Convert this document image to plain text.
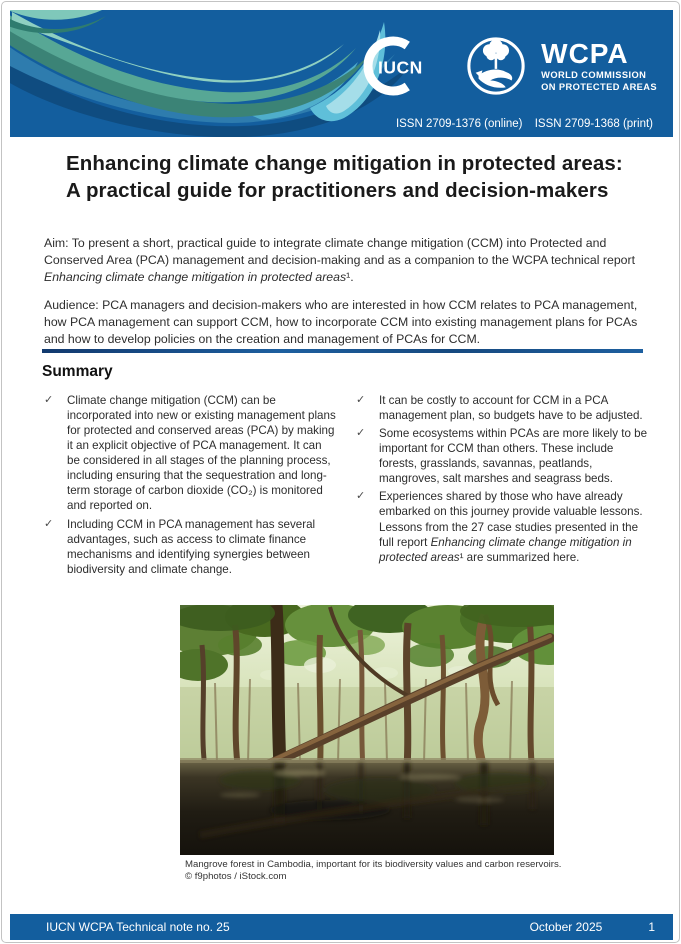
IUCN	WCPA
WORLD COMMISSION
ON PROTECTED AREAS
ISSN 2709-1376 (online) ISSN 2709-1368 (print)
Enhancing climate change mitigation in protected areas: A practical guide for practitioners and decision-makers

Aim: To present a short, practical guide to integrate climate change mitigation (CCM) into Protected and Conserved Area (PCA) management and decision-making and as a companion to the WCPA technical report Enhancing climate change mitigation in protected areas¹.

Audience: PCA managers and decision-makers who are interested in how CCM relates to PCA management, how PCA management can support CCM, how to incorporate CCM into existing management plans for PCAs and how to develop policies on the creation and management of PCAs for CCM.

Summary
✓ Climate change mitigation (CCM) can be incorporated into new or existing management plans for protected and conserved areas (PCA) by making it an explicit objective of PCA management. It can be considered in all stages of the planning process, including ensuring that the sequestration and long-term storage of carbon dioxide (CO₂) is monitored and reported on.
✓ Including CCM in PCA management has several advantages, such as access to climate finance mechanisms and identifying synergies between biodiversity and climate change.
✓ It can be costly to account for CCM in a PCA management plan, so budgets have to be adjusted.
✓ Some ecosystems within PCAs are more likely to be important for CCM than others. These include forests, grasslands, savannas, peatlands, mangroves, salt marshes and seagrass beds.
✓ Experiences shared by those who have already embarked on this journey provide valuable lessons. Lessons from the 27 case studies presented in the full report Enhancing climate change mitigation in protected areas¹ are summarized here.
Mangrove forest in Cambodia, important for its biodiversity values and carbon reservoirs.
© f9photos / iStock.com
IUCN WCPA Technical note no. 25	October 2025	1
